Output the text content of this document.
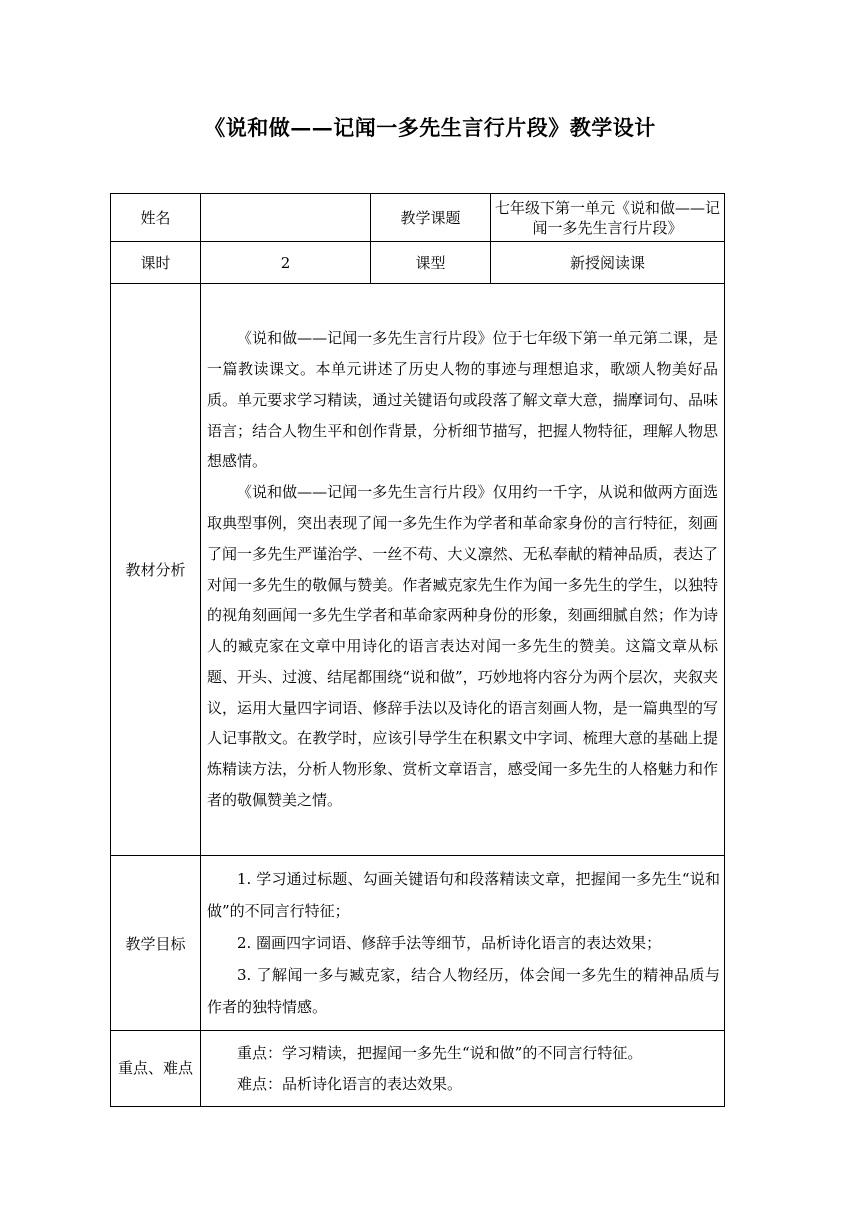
《说和做——记闻一多先生言行片段》教学设计
姓名		教学课题	七年级下第一单元《说和做——记闻一多先生言行片段》
课时	2	课型	新授阅读课
教材分析	《说和做——记闻一多先生言行片段》位于七年级下第一单元第二课，是一篇教读课文。本单元讲述了历史人物的事迹与理想追求，歌颂人物美好品质。单元要求学习精读，通过关键语句或段落了解文章大意，揣摩词句、品味语言；结合人物生平和创作背景，分析细节描写，把握人物特征，理解人物思想感情。

《说和做——记闻一多先生言行片段》仅用约一千字，从说和做两方面选取典型事例，突出表现了闻一多先生作为学者和革命家身份的言行特征，刻画了闻一多先生严谨治学、一丝不苟、大义凛然、无私奉献的精神品质，表达了对闻一多先生的敬佩与赞美。作者臧克家先生作为闻一多先生的学生，以独特的视角刻画闻一多先生学者和革命家两种身份的形象，刻画细腻自然；作为诗人的臧克家在文章中用诗化的语言表达对闻一多先生的赞美。这篇文章从标题、开头、过渡、结尾都围绕“说和做”，巧妙地将内容分为两个层次，夹叙夹议，运用大量四字词语、修辞手法以及诗化的语言刻画人物，是一篇典型的写人记事散文。在教学时，应该引导学生在积累文中字词、梳理大意的基础上提炼精读方法，分析人物形象、赏析文章语言，感受闻一多先生的人格魅力和作者的敬佩赞美之情。		

教学目标	1. 学习通过标题、勾画关键语句和段落精读文章，把握闻一多先生“说和做”的不同言行特征；

2. 圈画四字词语、修辞手法等细节，品析诗化语言的表达效果；

3. 了解闻一多与臧克家，结合人物经历，体会闻一多先生的精神品质与作者的独特情感。		

重点、难点	重点：学习精读，把握闻一多先生“说和做”的不同言行特征。

难点：品析诗化语言的表达效果。		
